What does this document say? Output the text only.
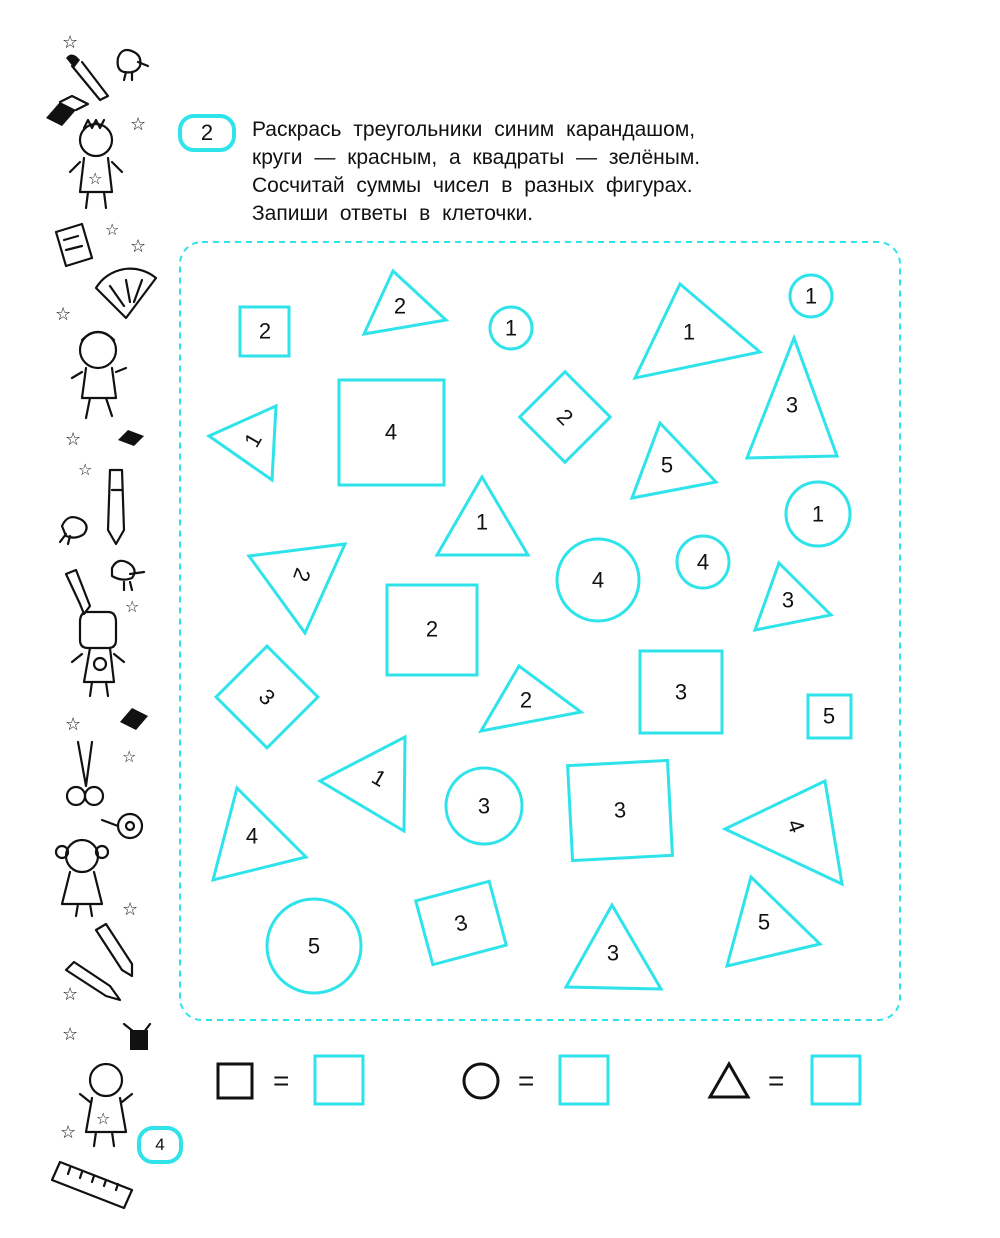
2 Раскрась треугольники синим карандашом,
круги — красным, а квадраты — зелёным.
Сосчитай суммы чисел в разных фигурах.
Запиши ответы в клеточки.
☆
☆
☆
☆
☆
☆
☆
☆
☆
☆
☆
☆
☆
☆
☆
☆
2
2
1	1
1
1	4
2
5
3
1	1
2	4
4
2
3
3	2	3
5
1
3	3
4	4
5
3
3
5
=	=	=
4
